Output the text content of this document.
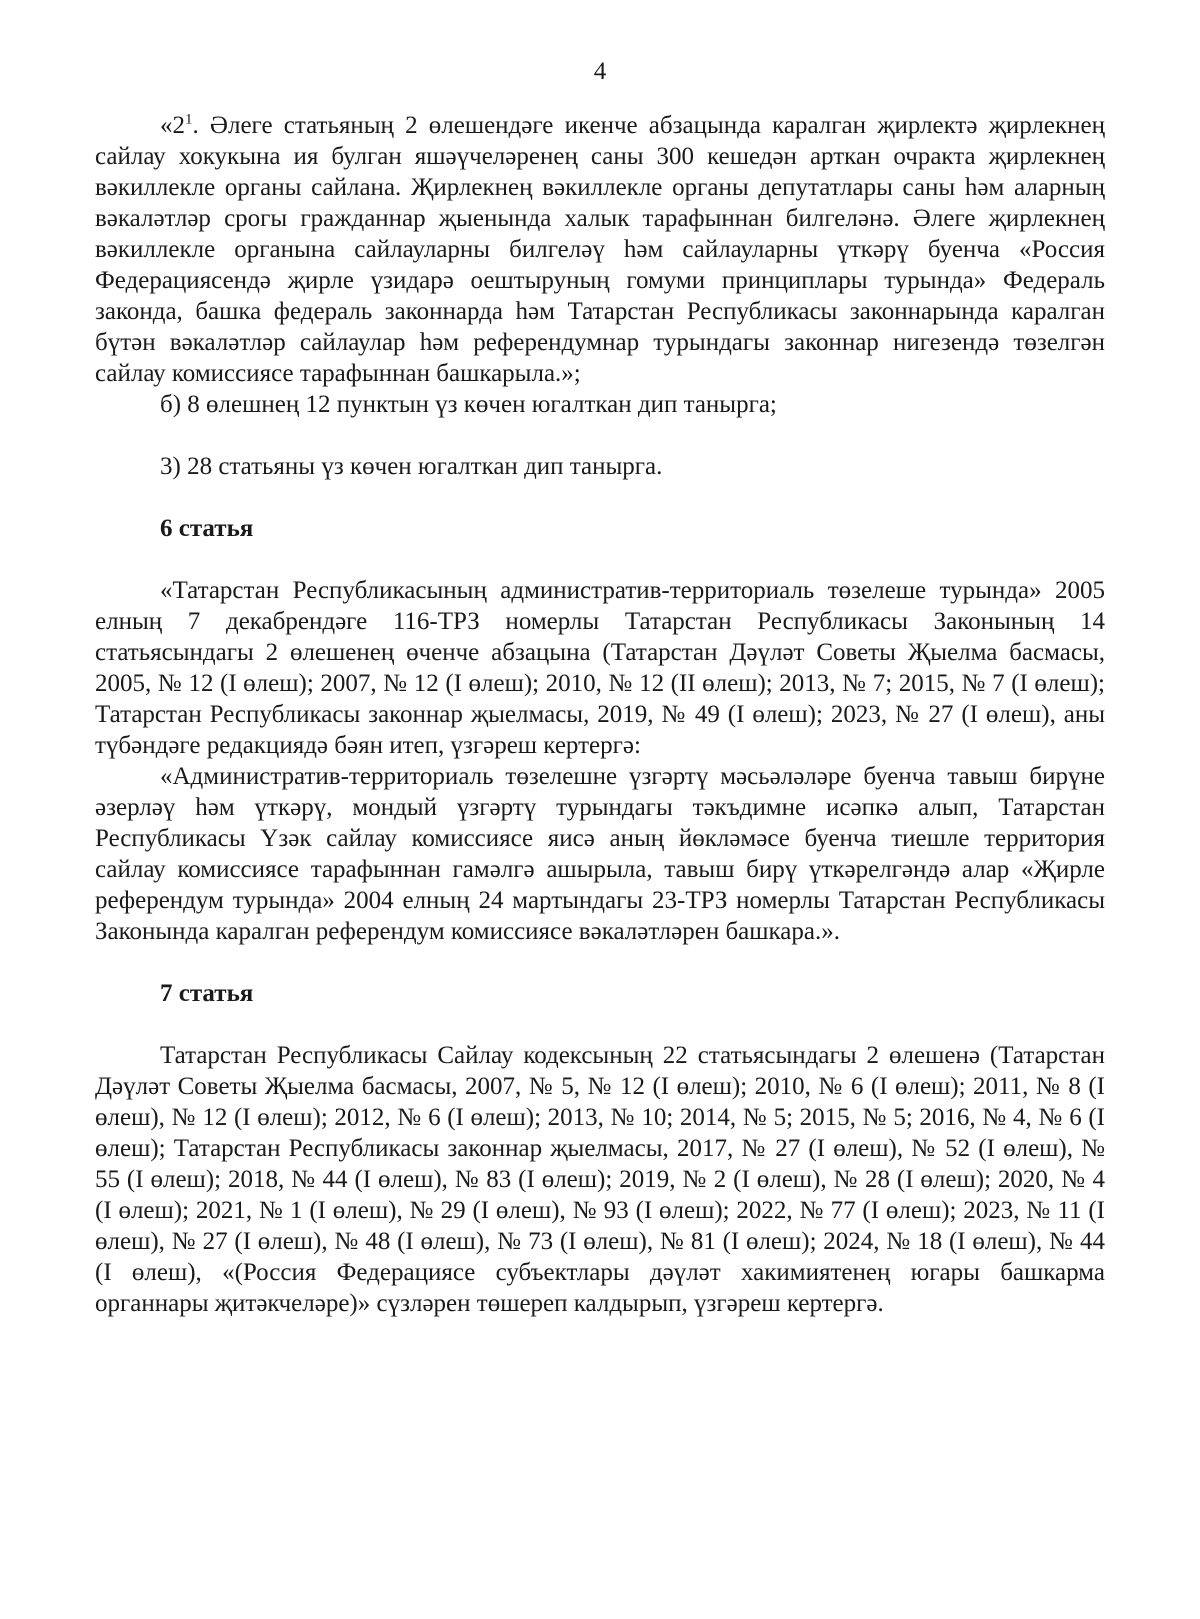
4

«$2^1$. Әлеге статьяның 2 өлешендәге икенче абзацында каралган җирлектә җирлекнең сайлау хокукына ия булган яшәүчеләренең саны 300 кешедән арткан очракта җирлекнең вәкиллекле органы сайлана. Җирлекнең вәкиллекле органы депутатлары саны һәм аларның вәкаләтләр срогы гражданнар җыенында халык тарафыннан билгеләнә. Әлеге җирлекнең вәкиллекле органына сайлауларны билгеләү һәм сайлауларны үткәрү буенча «Россия Федерациясендә җирле үзидарә оештыруның гомуми принциплары турында» Федераль законда, башка федераль законнарда һәм Татарстан Республикасы законнарында каралган бүтән вәкаләтләр сайлаулар һәм референдумнар турындагы законнар нигезендә төзелгән сайлау комиссиясе тарафыннан башкарыла.»;

б) 8 өлешнең 12 пунктын үз көчен югалткан дип танырга;

3) 28 статьяны үз көчен югалткан дип танырга.

6 статья

«Татарстан Республикасының административ-территориаль төзелеше турында» 2005 елның 7 декабрендәге 116-ТРЗ номерлы Татарстан Республикасы Законының 14 статьясындагы 2 өлешенең өченче абзацына (Татарстан Дәүләт Советы Җыелма басмасы, 2005, № 12 (I өлеш); 2007, № 12 (I өлеш); 2010, № 12 (II өлеш); 2013, № 7; 2015, № 7 (I өлеш); Татарстан Республикасы законнар җыелмасы, 2019, № 49 (I өлеш); 2023, № 27 (I өлеш), аны түбәндәге редакциядә бәян итеп, үзгәреш кертергә:

«Административ-территориаль төзелешне үзгәртү мәсьәләләре буенча тавыш бирүне әзерләү һәм үткәрү, мондый үзгәртү турындагы тәкъдимне исәпкә алып, Татарстан Республикасы Үзәк сайлау комиссиясе яисә аның йөкләмәсе буенча тиешле территория сайлау комиссиясе тарафыннан гамәлгә ашырыла, тавыш бирү үткәрелгәндә алар «Җирле референдум турында» 2004 елның 24 мартындагы 23-ТРЗ номерлы Татарстан Республикасы Законында каралган референдум комиссиясе вәкаләтләрен башкара.».

7 статья

Татарстан Республикасы Сайлау кодексының 22 статьясындагы 2 өлешенә (Татарстан Дәүләт Советы Җыелма басмасы, 2007, № 5, № 12 (I өлеш); 2010, № 6 (I өлеш); 2011, № 8 (I өлеш), № 12 (I өлеш); 2012, № 6 (I өлеш); 2013, № 10; 2014, № 5; 2015, № 5; 2016, № 4, № 6 (I өлеш); Татарстан Республикасы законнар җыелмасы, 2017, № 27 (I өлеш), № 52 (I өлеш), № 55 (I өлеш); 2018, № 44 (I өлеш), № 83 (I өлеш); 2019, № 2 (I өлеш), № 28 (I өлеш); 2020, № 4 (I өлеш); 2021, № 1 (I өлеш), № 29 (I өлеш), № 93 (I өлеш); 2022, № 77 (I өлеш); 2023, № 11 (I өлеш), № 27 (I өлеш), № 48 (I өлеш), № 73 (I өлеш), № 81 (I өлеш); 2024, № 18 (I өлеш), № 44 (I өлеш), «(Россия Федерациясе субъектлары дәүләт хакимиятенең югары башкарма органнары җитәкчеләре)» сүзләрен төшереп калдырып, үзгәреш кертергә.
